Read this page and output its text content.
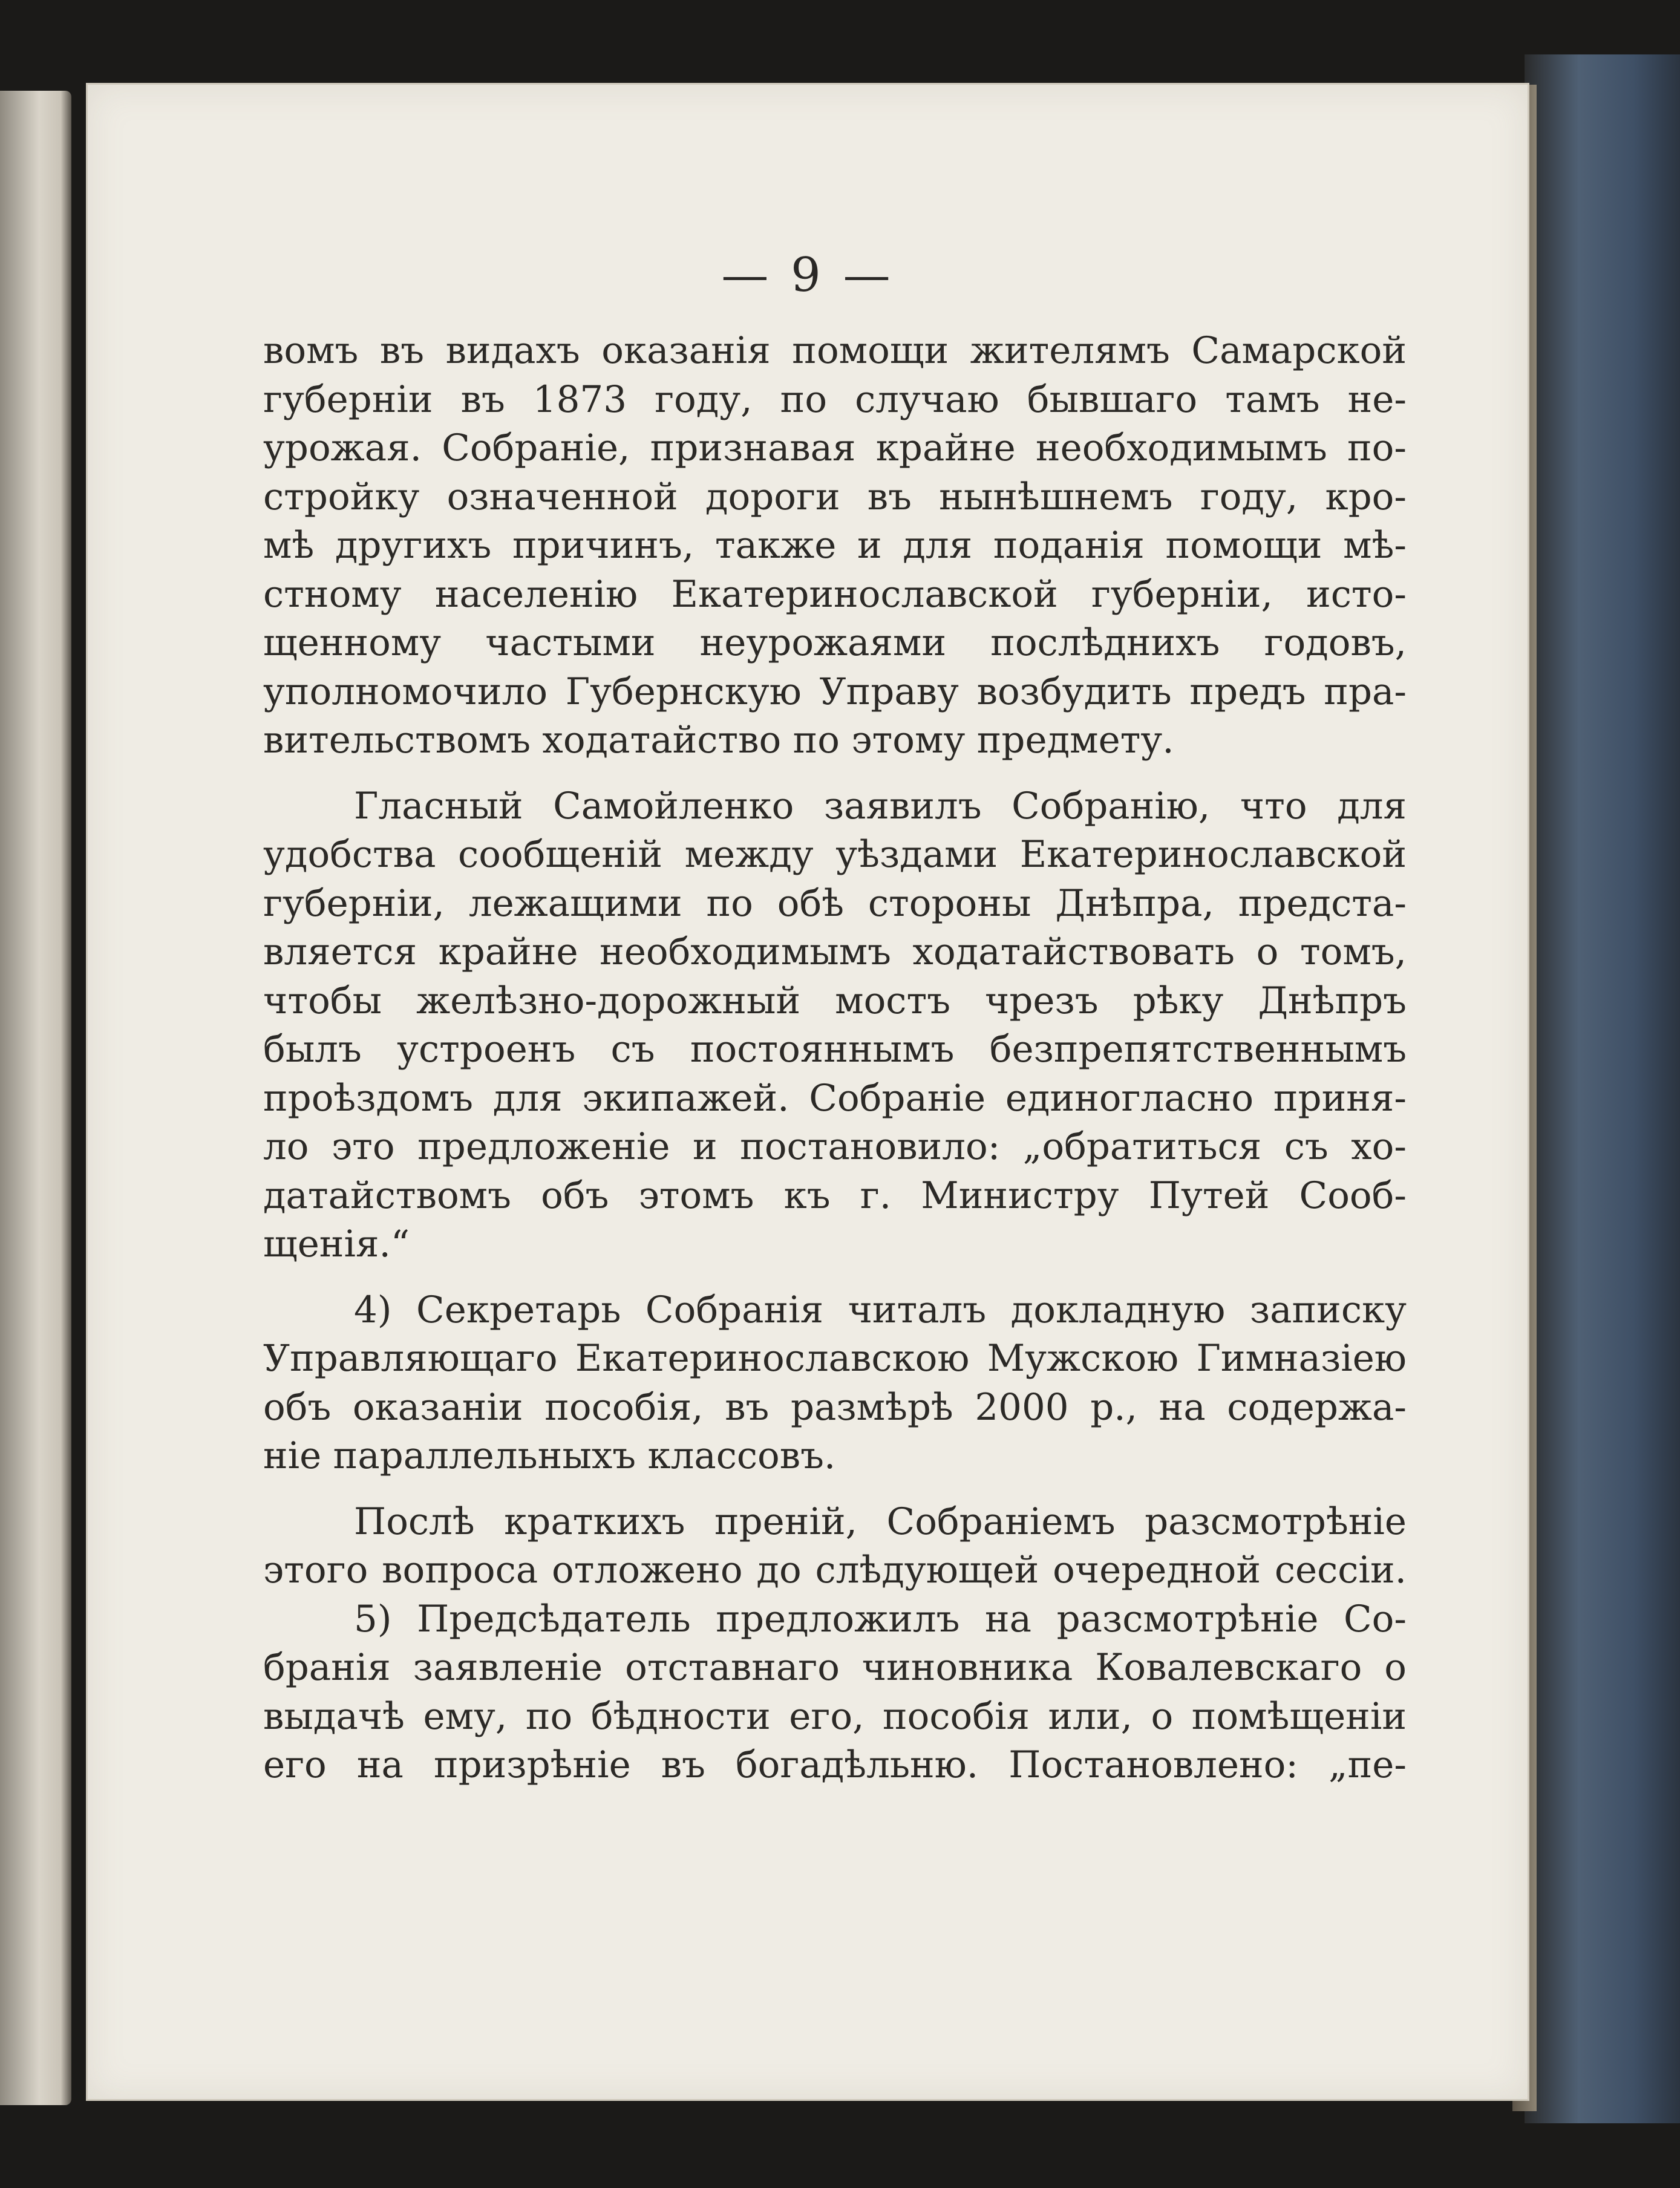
— 9 —
вомъ въ видахъ оказанія помощи жителямъ Самарской
губерніи въ 1873 году, по случаю бывшаго тамъ не-
урожая. Собраніе, признавая крайне необходимымъ по-
стройку означенной дороги въ нынѣшнемъ году, кро-
мѣ другихъ причинъ, также и для поданія помощи мѣ-
стному населенію Екатеринославской губерніи, исто-
щенному частыми неурожаями послѣднихъ годовъ,
уполномочило Губернскую Управу возбудить предъ пра-
вительствомъ ходатайство по этому предмету.
Гласный Самойленко заявилъ Собранію, что для
удобства сообщеній между уѣздами Екатеринославской
губерніи, лежащими по обѣ стороны Днѣпра, предста-
вляется крайне необходимымъ ходатайствовать о томъ,
чтобы желѣзно-дорожный мостъ чрезъ рѣку Днѣпръ
былъ устроенъ съ постояннымъ безпрепятственнымъ
проѣздомъ для экипажей. Собраніе единогласно приня-
ло это предложеніе и постановило: „обратиться съ хо-
датайствомъ объ этомъ къ г. Министру Путей Сооб-
щенія.“
4) Секретарь Собранія читалъ докладную записку
Управляющаго Екатеринославскою Мужскою Гимназіею
объ оказаніи пособія, въ размѣрѣ 2000 р., на содержа-
ніе параллельныхъ классовъ.
Послѣ краткихъ преній, Собраніемъ разсмотрѣніе
этого вопроса отложено до слѣдующей очередной сессіи.
5) Предсѣдатель предложилъ на разсмотрѣніе Со-
бранія заявленіе отставнаго чиновника Ковалевскаго о
выдачѣ ему, по бѣдности его, пособія или, о помѣщеніи
его на призрѣніе въ богадѣльню. Постановлено: „пе-
